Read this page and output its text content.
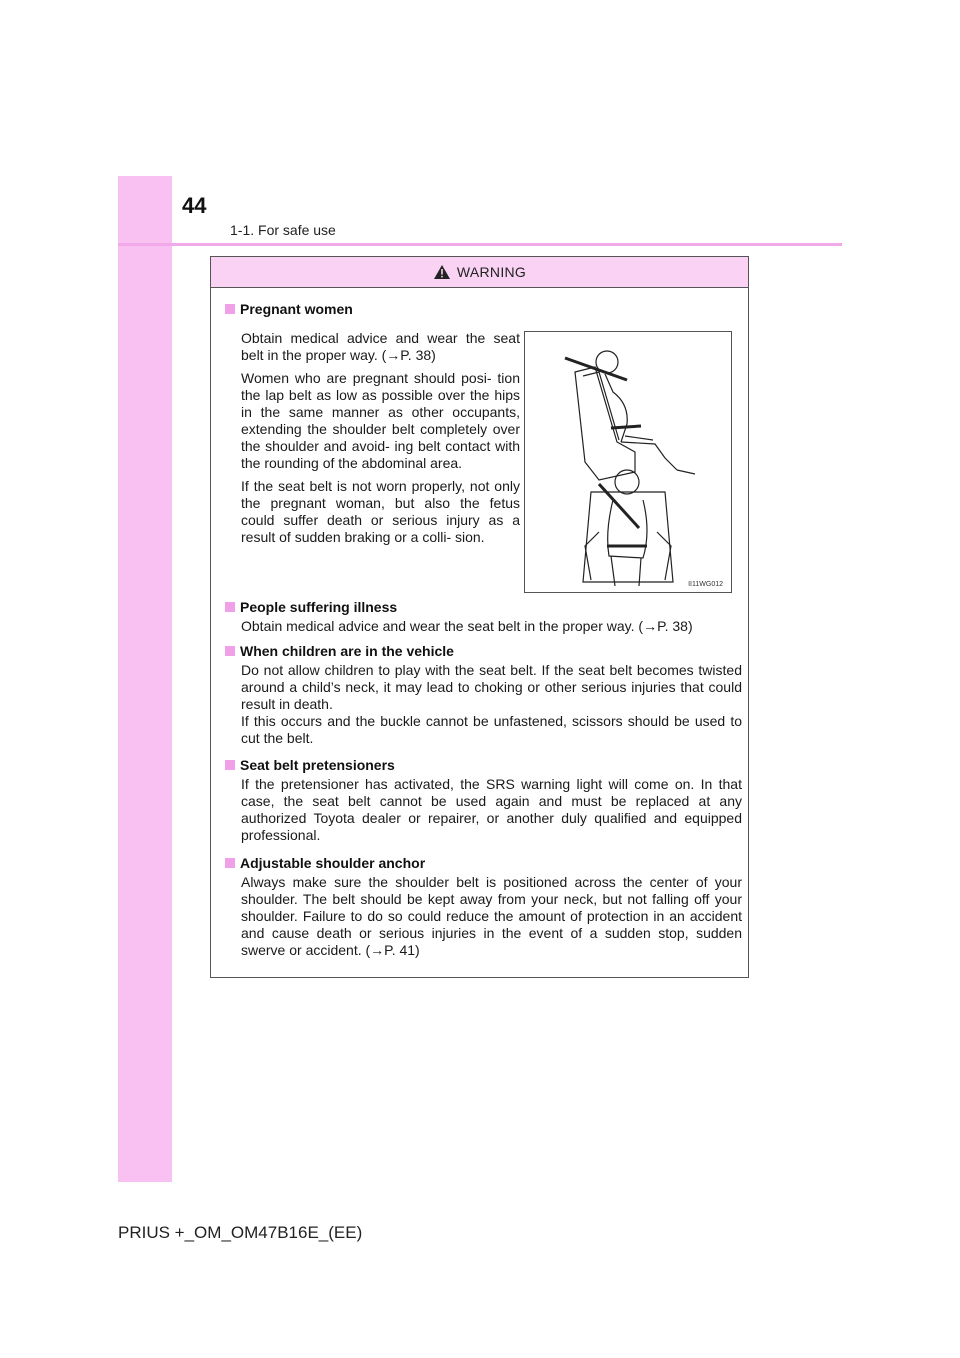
44
1-1. For safe use
WARNING
Pregnant women

Obtain medical advice and wear the seat belt in the proper way. (→P. 38)

Women who are pregnant should posi- tion the lap belt as low as possible over the hips in the same manner as other occupants, extending the shoulder belt completely over the shoulder and avoid- ing belt contact with the rounding of the abdominal area.

If the seat belt is not worn properly, not only the pregnant woman, but also the fetus could suffer death or serious injury as a result of sudden braking or a colli- sion.

II11WG012
People suffering illness

Obtain medical advice and wear the seat belt in the proper way. (→P. 38)

When children are in the vehicle

Do not allow children to play with the seat belt. If the seat belt becomes twisted around a child’s neck, it may lead to choking or other serious injuries that could result in death.

If this occurs and the buckle cannot be unfastened, scissors should be used to cut the belt.

Seat belt pretensioners

If the pretensioner has activated, the SRS warning light will come on. In that case, the seat belt cannot be used again and must be replaced at any authorized Toyota dealer or repairer, or another duly qualified and equipped professional.

Adjustable shoulder anchor

Always make sure the shoulder belt is positioned across the center of your shoulder. The belt should be kept away from your neck, but not falling off your shoulder. Failure to do so could reduce the amount of protection in an accident and cause death or serious injuries in the event of a sudden stop, sudden swerve or accident. (→P. 41)

PRIUS +_OM_OM47B16E_(EE)
